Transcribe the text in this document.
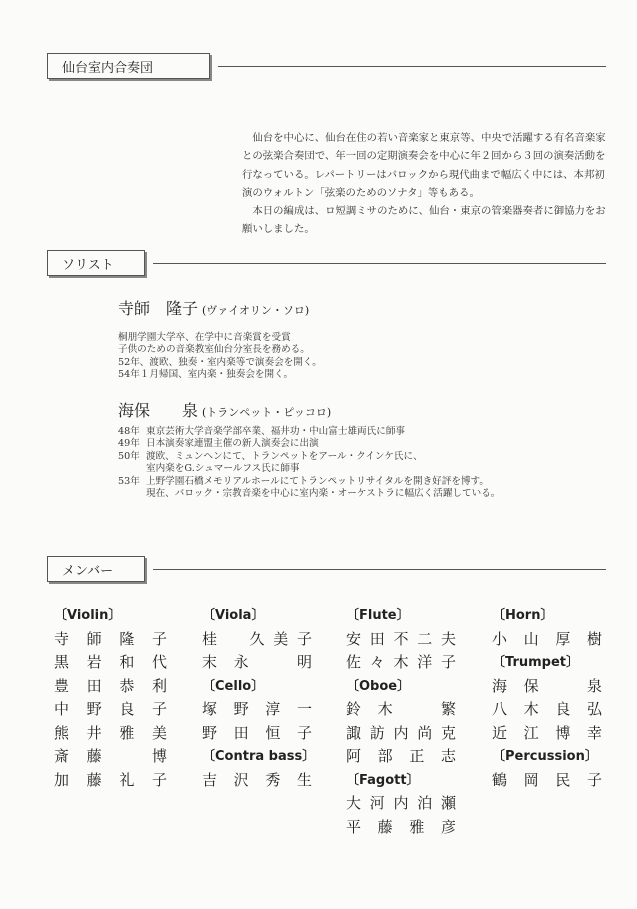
仙台室内合奏団

仙台を中心に、仙台在住の若い音楽家と東京等、中央で活躍する有名音楽家との弦楽合奏団で、年一回の定期演奏会を中心に年２回から３回の演奏活動を行なっている。レパートリーはバロックから現代曲まで幅広く中には、本邦初演のウォルトン「弦楽のためのソナタ」等もある。

本日の編成は、ロ短調ミサのために、仙台・東京の管楽器奏者に御協力をお願いしました。

ソリスト
寺師　隆子 (ヴァイオリン・ソロ)
桐朋学園大学卒、在学中に音楽賞を受賞
子供のための音楽教室仙台分室長を務める。
52年、渡欧、独奏・室内楽等で演奏会を開く。
54年１月帰国、室内楽・独奏会を開く。
海保　　泉 (トランペット・ピッコロ)
48年 東京芸術大学音楽学部卒業、福井功・中山富士雄両氏に師事
49年 日本演奏家連盟主催の新人演奏会に出演
50年 渡欧、ミュンヘンにて、トランペットをアール・クインケ氏に、
室内楽をG.シュマールフス氏に師事
53年 上野学園石橋メモリアルホールにてトランペットリサイタルを開き好評を博す。
現在、バロック・宗教音楽を中心に室内楽・オーケストラに幅広く活躍している。
メンバー
〔Violin〕
寺師隆子
黒岩和代
豊田恭利
中野良子
熊井雅美
斎藤　博
加藤礼子
〔Viola〕
桂　久美子
末永　明
〔Cello〕
塚野淳一
野田恒子
〔Contra bass〕
吉沢秀生
〔Flute〕
安田不二夫
佐々木洋子
〔Oboe〕
鈴木　繁
諏訪内尚克
阿部正志
〔Fagott〕
大河内泊瀬
平藤雅彦
〔Horn〕
小山厚樹
〔Trumpet〕
海保　泉
八木良弘
近江博幸
〔Percussion〕
鶴岡民子
